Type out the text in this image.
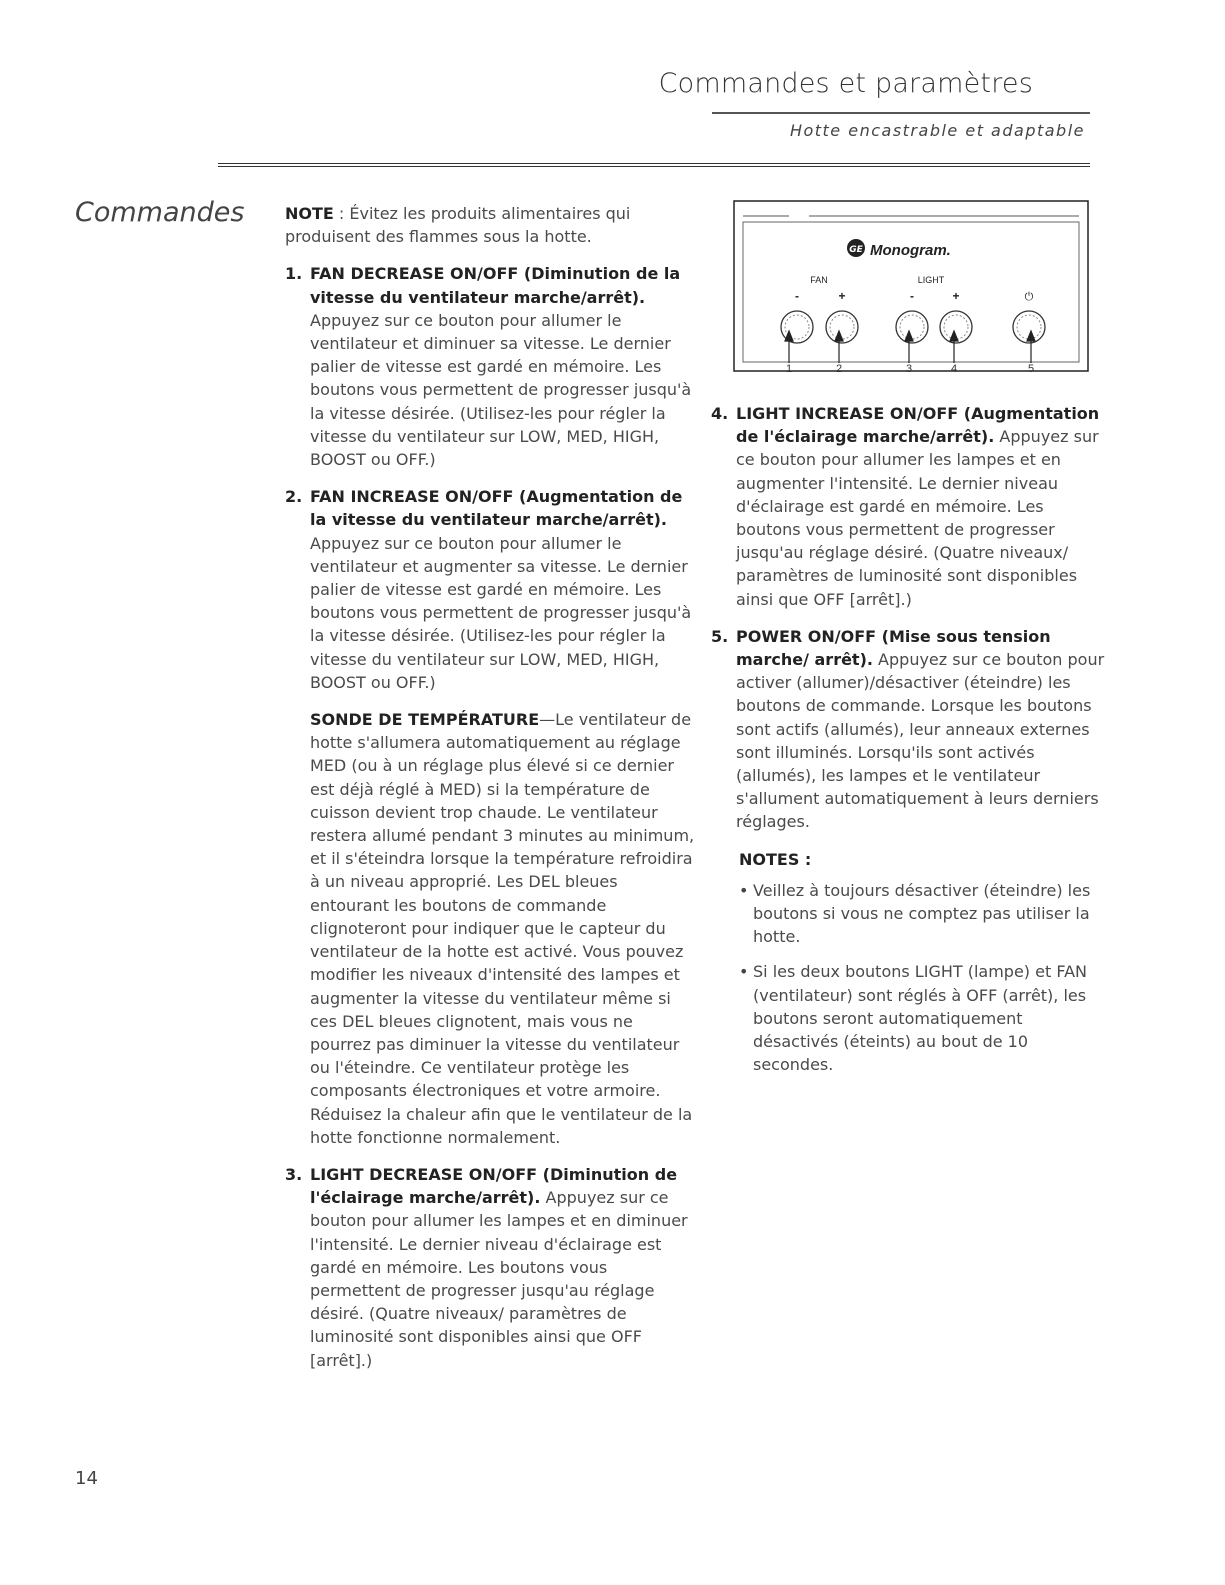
Commandes et paramètres
Hotte encastrable et adaptable
Commandes	NOTE : Évitez les produits alimentaires qui produisent des flammes sous la hotte.

1. FAN DECREASE ON/OFF (Diminution de la vitesse du ventilateur marche/arrêt). Appuyez sur ce bouton pour allumer le ventilateur et diminuer sa vitesse. Le dernier palier de vitesse est gardé en mémoire. Les boutons vous permettent de progresser jusqu'à la vitesse désirée. (Utilisez-les pour régler la vitesse du ventilateur sur LOW, MED, HIGH, BOOST ou OFF.)

2. FAN INCREASE ON/OFF (Augmentation de la vitesse du ventilateur marche/arrêt). Appuyez sur ce bouton pour allumer le ventilateur et augmenter sa vitesse. Le dernier palier de vitesse est gardé en mémoire. Les boutons vous permettent de progresser jusqu'à la vitesse désirée. (Utilisez-les pour régler la vitesse du ventilateur sur LOW, MED, HIGH, BOOST ou OFF.)

SONDE DE TEMPÉRATURE—Le ventilateur de hotte s'allumera automatiquement au réglage MED (ou à un réglage plus élevé si ce dernier est déjà réglé à MED) si la température de cuisson devient trop chaude. Le ventilateur restera allumé pendant 3 minutes au minimum, et il s'éteindra lorsque la température refroidira à un niveau approprié. Les DEL bleues entourant les boutons de commande clignoteront pour indiquer que le capteur du ventilateur de la hotte est activé. Vous pouvez modifier les niveaux d'intensité des lampes et augmenter la vitesse du ventilateur même si ces DEL bleues clignotent, mais vous ne pourrez pas diminuer la vitesse du ventilateur ou l'éteindre. Ce ventilateur protège les composants électroniques et votre armoire. Réduisez la chaleur afin que le ventilateur de la hotte fonctionne normalement.

3. LIGHT DECREASE ON/OFF (Diminution de l'éclairage marche/arrêt). Appuyez sur ce bouton pour allumer les lampes et en diminuer l'intensité. Le dernier niveau d'éclairage est gardé en mémoire. Les boutons vous permettent de progresser jusqu'au réglage désiré. (Quatre niveaux/ paramètres de luminosité sont disponibles ainsi que OFF [arrêt].)

GE Monogram.
FAN	LIGHT
-	+	-	+	⏻
1	2	3	4	5
4. LIGHT INCREASE ON/OFF (Augmentation de l'éclairage marche/arrêt). Appuyez sur ce bouton pour allumer les lampes et en augmenter l'intensité. Le dernier niveau d'éclairage est gardé en mémoire. Les boutons vous permettent de progresser jusqu'au réglage désiré. (Quatre niveaux/ paramètres de luminosité sont disponibles ainsi que OFF [arrêt].)

5. POWER ON/OFF (Mise sous tension marche/ arrêt). Appuyez sur ce bouton pour activer (allumer)/désactiver (éteindre) les boutons de commande. Lorsque les boutons sont actifs (allumés), leur anneaux externes sont illuminés. Lorsqu'ils sont activés (allumés), les lampes et le ventilateur s'allument automatiquement à leurs derniers réglages.

NOTES :
• Veillez à toujours désactiver (éteindre) les boutons si vous ne comptez pas utiliser la hotte.
• Si les deux boutons LIGHT (lampe) et FAN (ventilateur) sont réglés à OFF (arrêt), les boutons seront automatiquement désactivés (éteints) au bout de 10 secondes.
14
